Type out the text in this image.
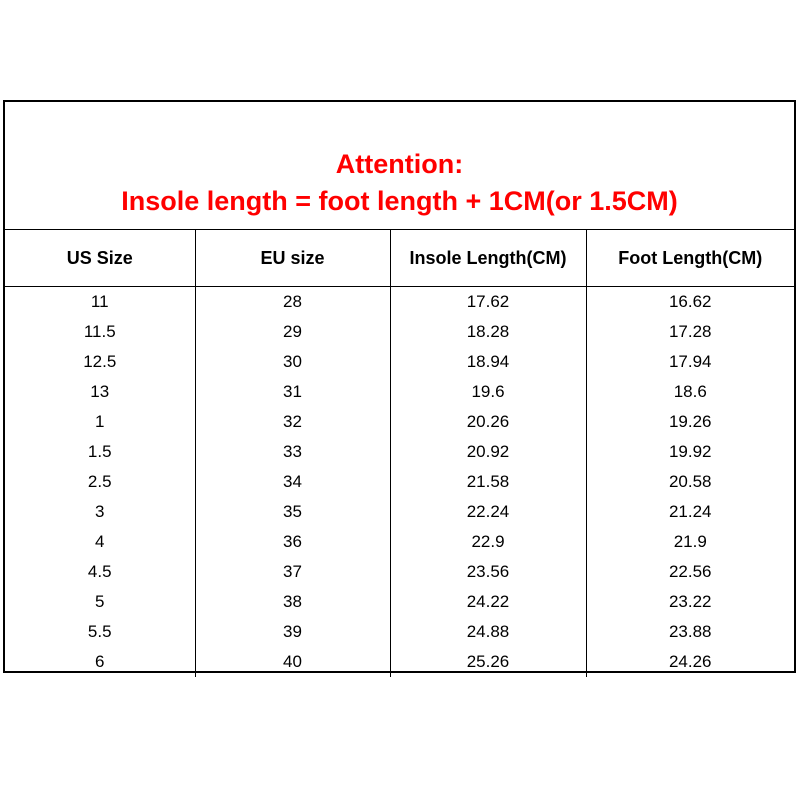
Attention:
Insole length = foot length + 1CM(or 1.5CM)
US Size	EU size	Insole Length(CM)	Foot Length(CM)
11	28	17.62	16.62
11.5	29	18.28	17.28
12.5	30	18.94	17.94
13	31	19.6	18.6
1	32	20.26	19.26
1.5	33	20.92	19.92
2.5	34	21.58	20.58
3	35	22.24	21.24
4	36	22.9	21.9
4.5	37	23.56	22.56
5	38	24.22	23.22
5.5	39	24.88	23.88
6	40	25.26	24.26
